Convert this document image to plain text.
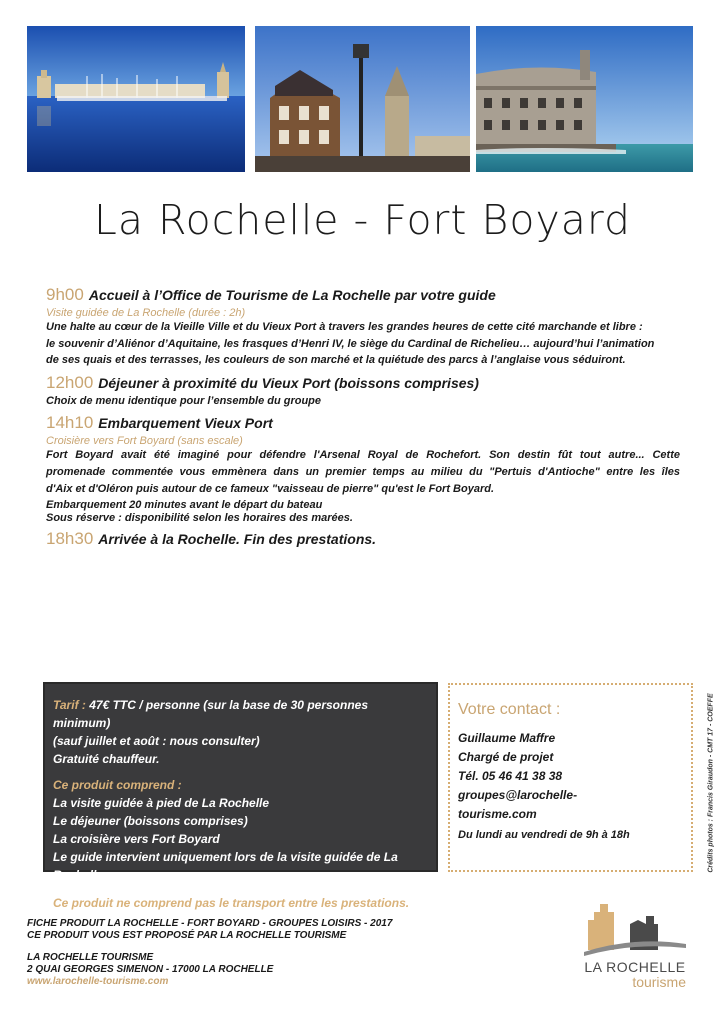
La Rochelle - Fort Boyard
9h00 Accueil à l’Office de Tourisme de La Rochelle par votre guide
Visite guidée de La Rochelle (durée : 2h)
Une halte au cœur de la Vieille Ville et du Vieux Port à travers les grandes heures de cette cité marchande et libre :
le souvenir d’Aliénor d’Aquitaine, les frasques d’Henri IV, le siège du Cardinal de Richelieu… aujourd’hui l’animation
de ses quais et des terrasses, les couleurs de son marché et la quiétude des parcs à l’anglaise vous séduiront.
12h00 Déjeuner à proximité du Vieux Port (boissons comprises)
Choix de menu identique pour l’ensemble du groupe
14h10 Embarquement Vieux Port
Croisière vers Fort Boyard (sans escale)
Fort Boyard avait été imaginé pour défendre l'Arsenal Royal de Rochefort. Son destin fût tout autre... Cette
promenade commentée vous emmènera dans un premier temps au milieu du "Pertuis d'Antioche" entre les îles
d'Aix et d'Oléron puis autour de ce fameux "vaisseau de pierre" qu'est le Fort Boyard.
Embarquement 20 minutes avant le départ du bateau
Sous réserve : disponibilité selon les horaires des marées.
18h30 Arrivée à la Rochelle. Fin des prestations.
Tarif : 47€ TTC / personne (sur la base de 30 personnes minimum)
(sauf juillet et août : nous consulter)
Gratuité chauffeur.
Ce produit comprend :
La visite guidée à pied de La Rochelle
Le déjeuner (boissons comprises)
La croisière vers Fort Boyard
Le guide intervient uniquement lors de la visite guidée de La Rochelle.
Ce produit ne comprend pas le transport entre les prestations.
Votre contact :
Guillaume Maffre
Chargé de projet
Tél. 05 46 41 38 38
groupes@larochelle-
tourisme.com
Du lundi au vendredi de 9h à 18h	Crédits photos : Francis Giraudon - CMT 17 - COEFFE
FICHE PRODUIT LA ROCHELLE - FORT BOYARD - GROUPES LOISIRS - 2017
CE PRODUIT VOUS EST PROPOSÉ PAR LA ROCHELLE TOURISME
LA ROCHELLE TOURISME
2 QUAI GEORGES SIMENON - 17000 LA ROCHELLE
www.larochelle-tourisme.com
LA ROCHELLE
tourisme
